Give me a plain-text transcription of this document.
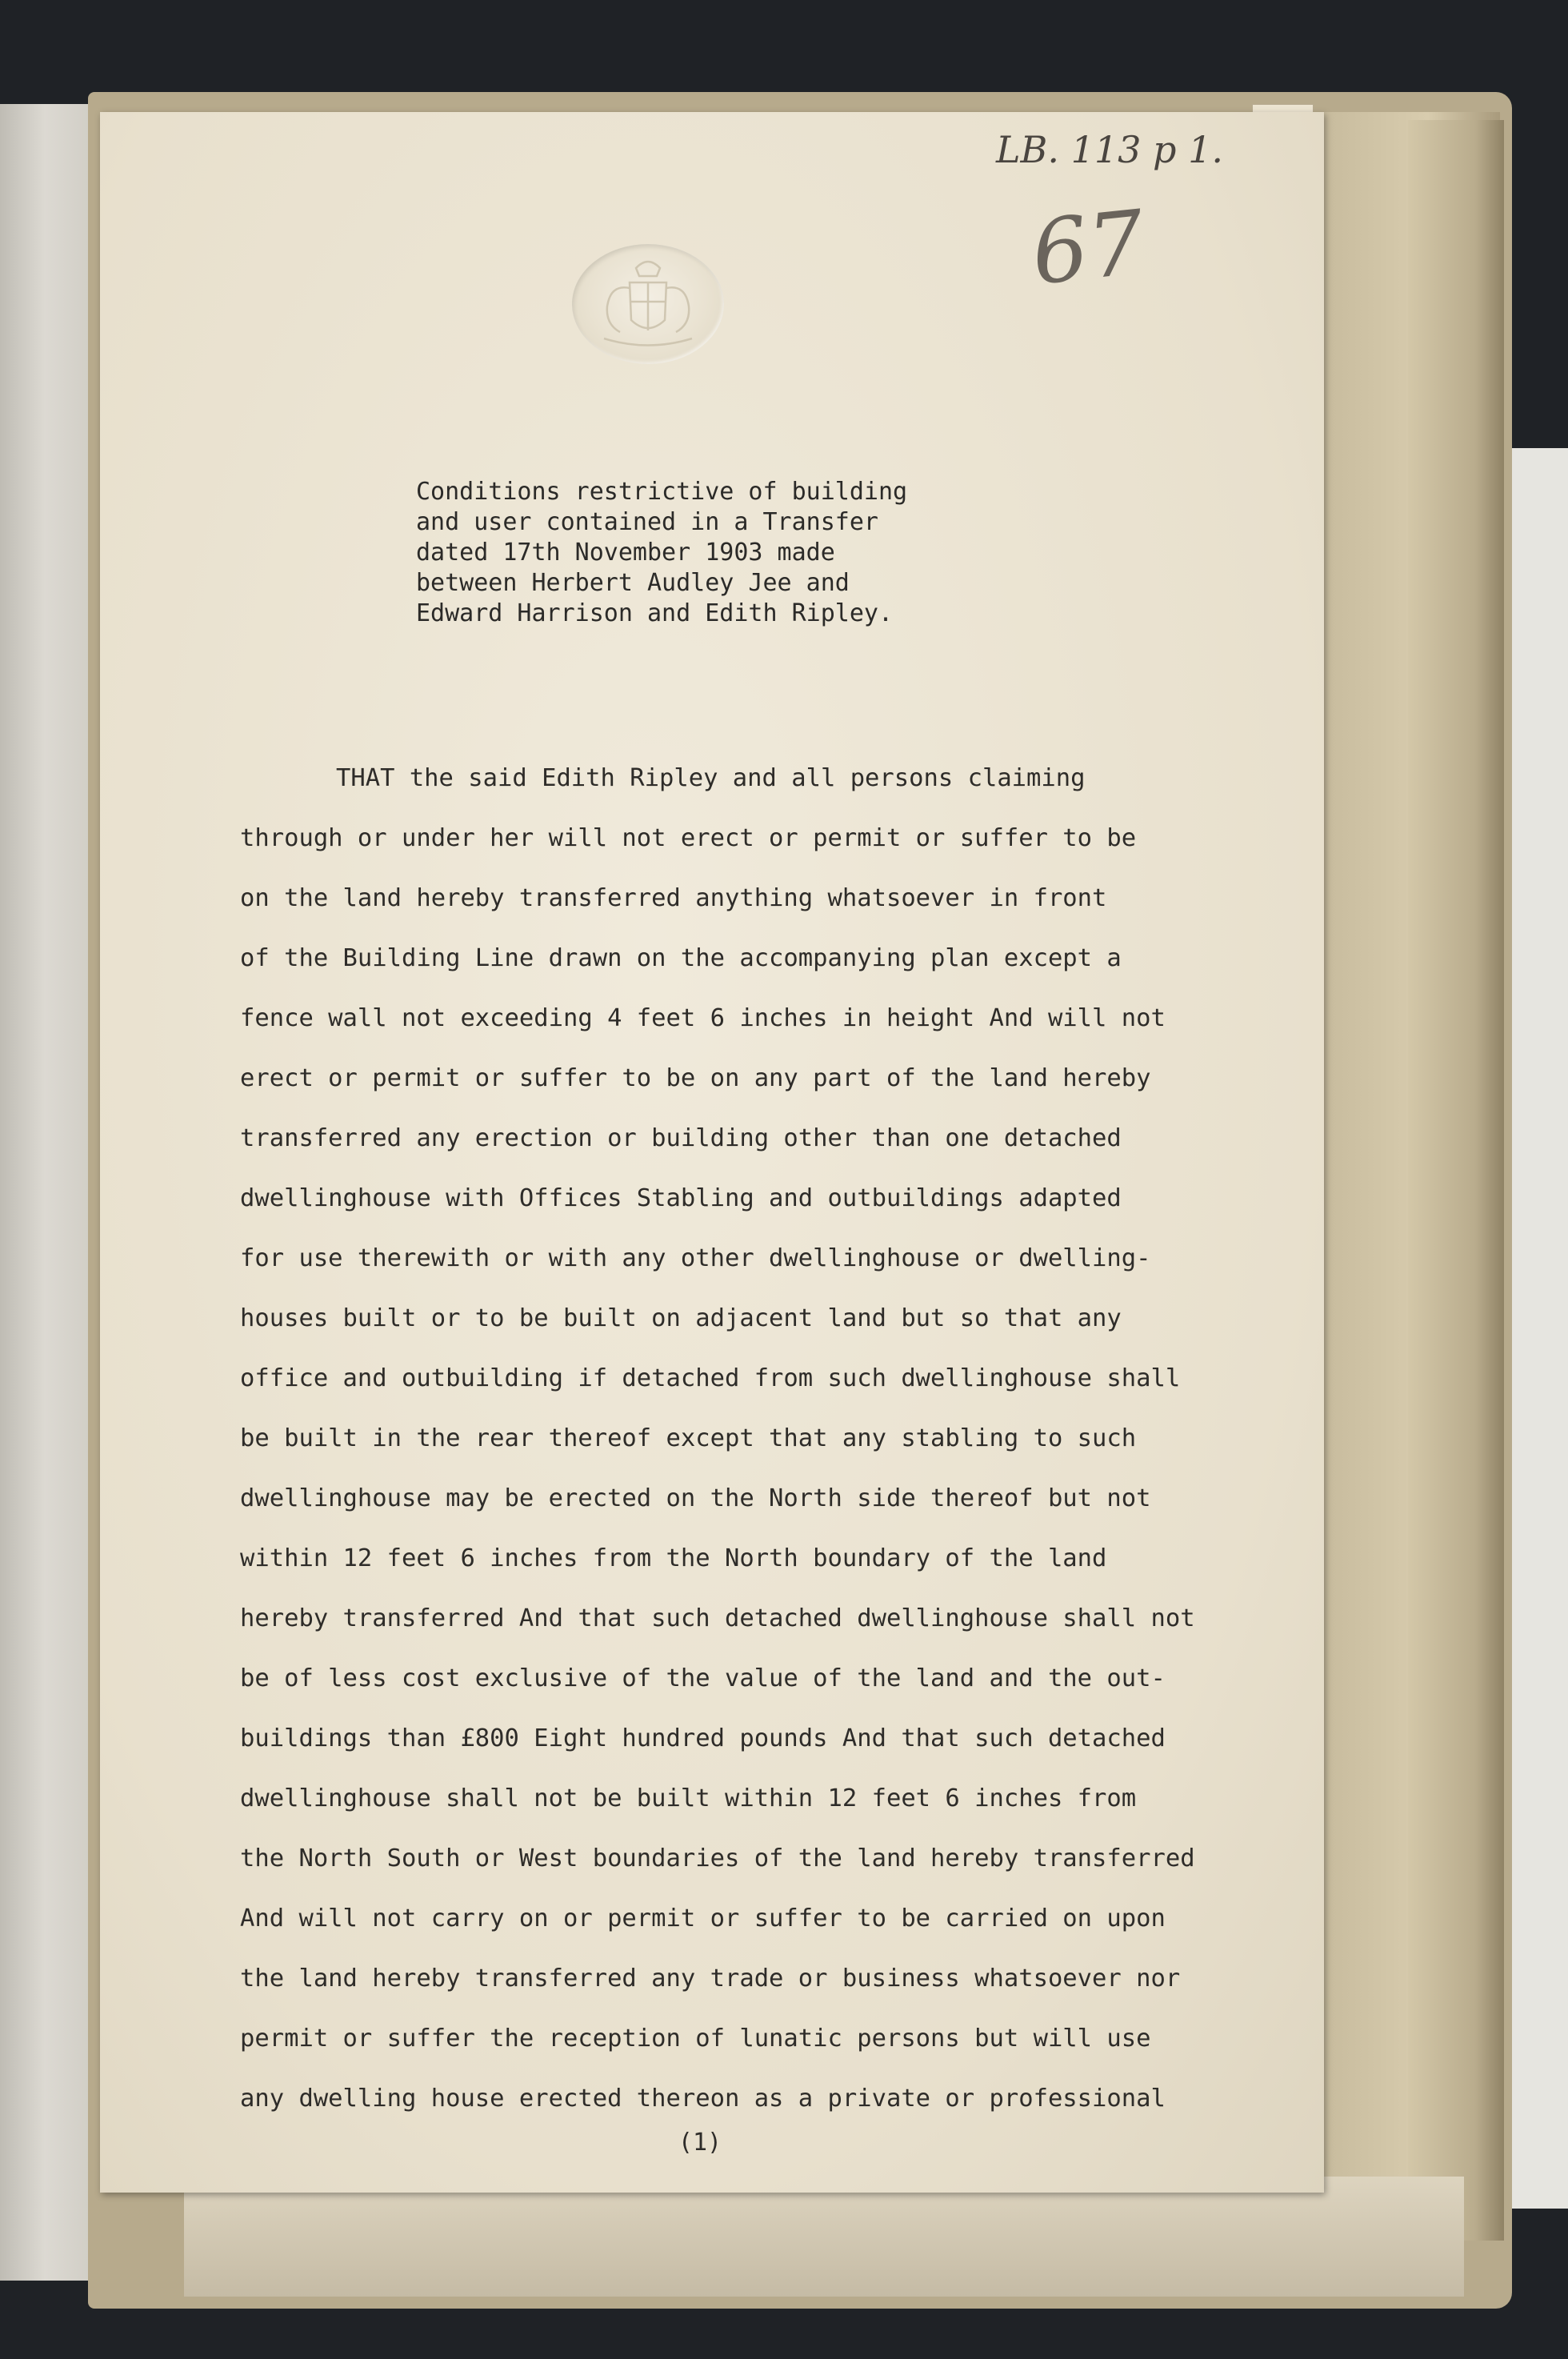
LB. 113 p 1.
67
Conditions restrictive of building
and user contained in a Transfer
dated 17th November 1903 made
between Herbert Audley Jee and
Edward Harrison and Edith Ripley.
THAT the said Edith Ripley and all persons claiming
through or under her will not erect or permit or suffer to be
on the land hereby transferred anything whatsoever in front
of the Building Line drawn on the accompanying plan except a
fence wall not exceeding 4 feet 6 inches in height And will not
erect or permit or suffer to be on any part of the land hereby
transferred any erection or building other than one detached
dwellinghouse with Offices Stabling and outbuildings adapted
for use therewith or with any other dwellinghouse or dwelling-
houses built or to be built on adjacent land but so that any
office and outbuilding if detached from such dwellinghouse shall
be built in the rear thereof except that any stabling to such
dwellinghouse may be erected on the North side thereof but not
within 12 feet 6 inches from the North boundary of the land
hereby transferred And that such detached dwellinghouse shall not
be of less cost exclusive of the value of the land and the out-
buildings than £800 Eight hundred pounds And that such detached
dwellinghouse shall not be built within 12 feet 6 inches from
the North South or West boundaries of the land hereby transferred
And will not carry on or permit or suffer to be carried on upon
the land hereby transferred any trade or business whatsoever nor
permit or suffer the reception of lunatic persons but will use
any dwelling house erected thereon as a private or professional
(1)
